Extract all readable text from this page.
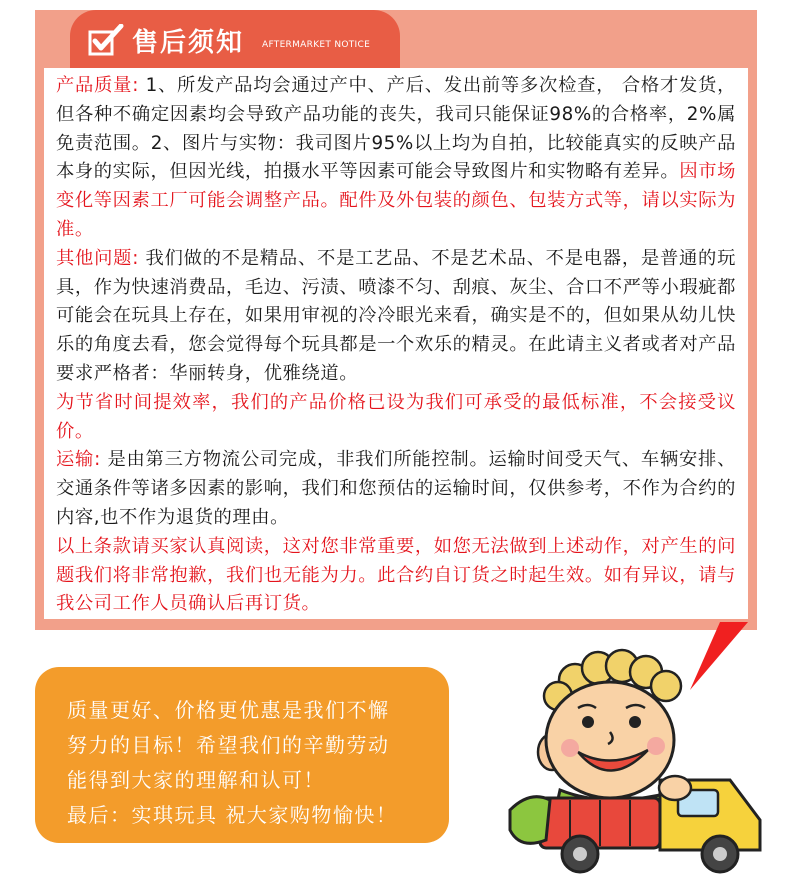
售后须知 AFTERMARKET NOTICE

产品质量: 1、所发产品均会通过产中、产后、发出前等多次检查， 合格才发货，但各种不确定因素均会导致产品功能的丧失，我司只能保证98%的合格率，2%属免责范围。2、图片与实物：我司图片95%以上均为自拍，比较能真实的反映产品本身的实际，但因光线，拍摄水平等因素可能会导致图片和实物略有差异。因市场变化等因素工厂可能会调整产品。配件及外包装的颜色、包装方式等，请以实际为准。

其他问题: 我们做的不是精品、不是工艺品、不是艺术品、不是电器，是普通的玩具，作为快速消费品，毛边、污渍、喷漆不匀、刮痕、灰尘、合口不严等小瑕疵都可能会在玩具上存在，如果用审视的冷冷眼光来看，确实是不的，但如果从幼儿快乐的角度去看，您会觉得每个玩具都是一个欢乐的精灵。在此请主义者或者对产品要求严格者：华丽转身，优雅绕道。

为节省时间提效率，我们的产品价格已设为我们可承受的最低标准，不会接受议价。

运输: 是由第三方物流公司完成，非我们所能控制。运输时间受天气、车辆安排、交通条件等诸多因素的影响，我们和您预估的运输时间，仅供参考，不作为合约的内容,也不作为退货的理由。

以上条款请买家认真阅读，这对您非常重要，如您无法做到上述动作，对产生的问题我们将非常抱歉，我们也无能为力。此合约自订货之时起生效。如有异议，请与我公司工作人员确认后再订货。

质量更好、价格更优惠是我们不懈
努力的目标！希望我们的辛勤劳动
能得到大家的理解和认可！
最后：实琪玩具 祝大家购物愉快！
